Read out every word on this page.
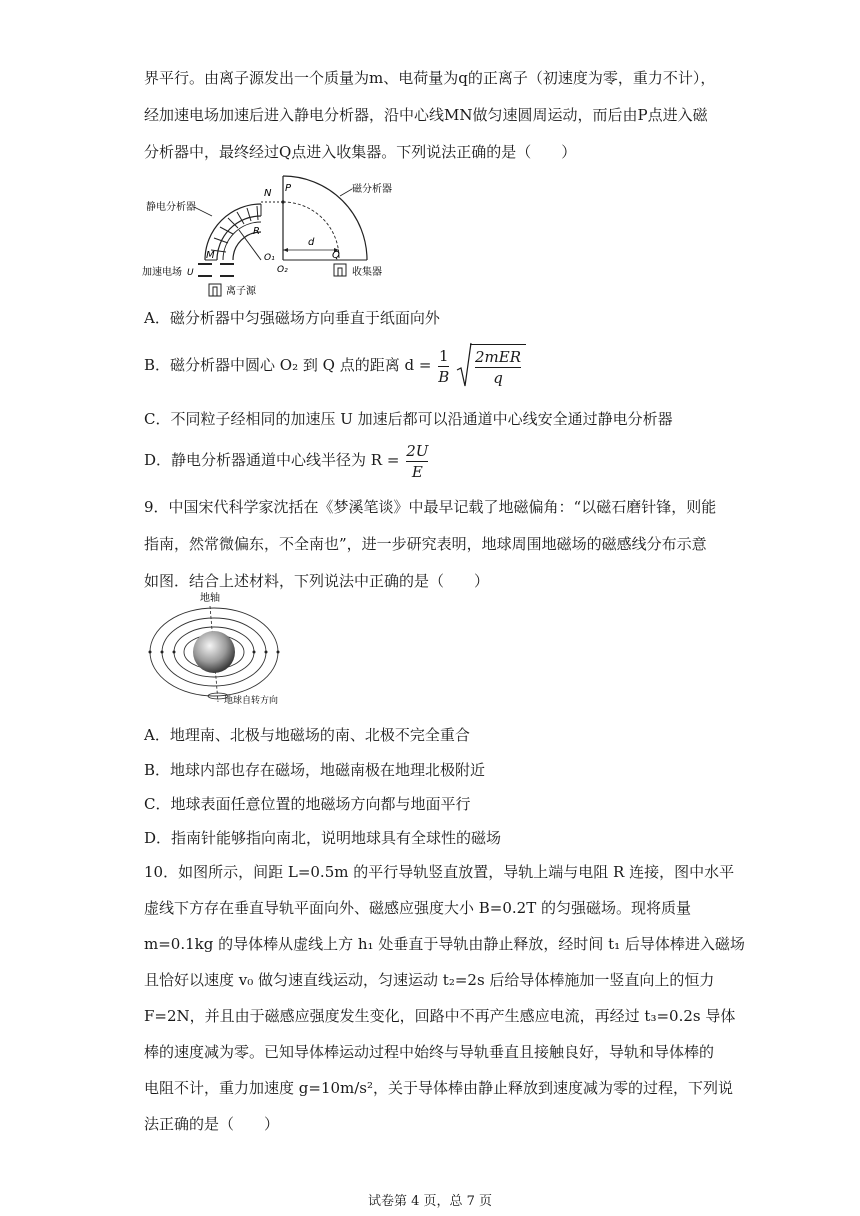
界平行。由离子源发出一个质量为m、电荷量为q的正离子（初速度为零，重力不计），
经加速电场加速后进入静电分析器，沿中心线MN做匀速圆周运动，而后由P点进入磁
分析器中，最终经过Q点进入收集器。下列说法正确的是（　　）
R
静电分析器
N P
M	O₁
O₂
磁分析器
d
Q
收集器
加速电场 U
离子源
A．磁分析器中匀强磁场方向垂直于纸面向外
B．磁分析器中圆心 O₂ 到 Q 点的距离 $d = \frac{1}{B}$
$\frac{\text{2mER}}{q}$
C．不同粒子经相同的加速压 U 加速后都可以沿通道中心线安全通过静电分析器
D．静电分析器通道中心线半径为 $R = \frac{2U}{E}$
9．中国宋代科学家沈括在《梦溪笔谈》中最早记载了地磁偏角：“以磁石磨针锋，则能
指南，然常微偏东，不全南也”，进一步研究表明，地球周围地磁场的磁感线分布示意
如图．结合上述材料，下列说法中正确的是（　　）
地轴
地球自转方向
A．地理南、北极与地磁场的南、北极不完全重合
B．地球内部也存在磁场，地磁南极在地理北极附近
C．地球表面任意位置的地磁场方向都与地面平行
D．指南针能够指向南北，说明地球具有全球性的磁场
10．如图所示，间距 L=0.5m 的平行导轨竖直放置，导轨上端与电阻 R 连接，图中水平
虚线下方存在垂直导轨平面向外、磁感应强度大小 B=0.2T 的匀强磁场。现将质量
m=0.1kg 的导体棒从虚线上方 h₁ 处垂直于导轨由静止释放，经时间 t₁ 后导体棒进入磁场
且恰好以速度 v₀ 做匀速直线运动，匀速运动 t₂=2s 后给导体棒施加一竖直向上的恒力
F=2N，并且由于磁感应强度发生变化，回路中不再产生感应电流，再经过 t₃=0.2s 导体
棒的速度减为零。已知导体棒运动过程中始终与导轨垂直且接触良好，导轨和导体棒的
电阻不计，重力加速度 g=10m/s²，关于导体棒由静止释放到速度减为零的过程，下列说
法正确的是（　　）
试卷第 4 页，总 7 页
